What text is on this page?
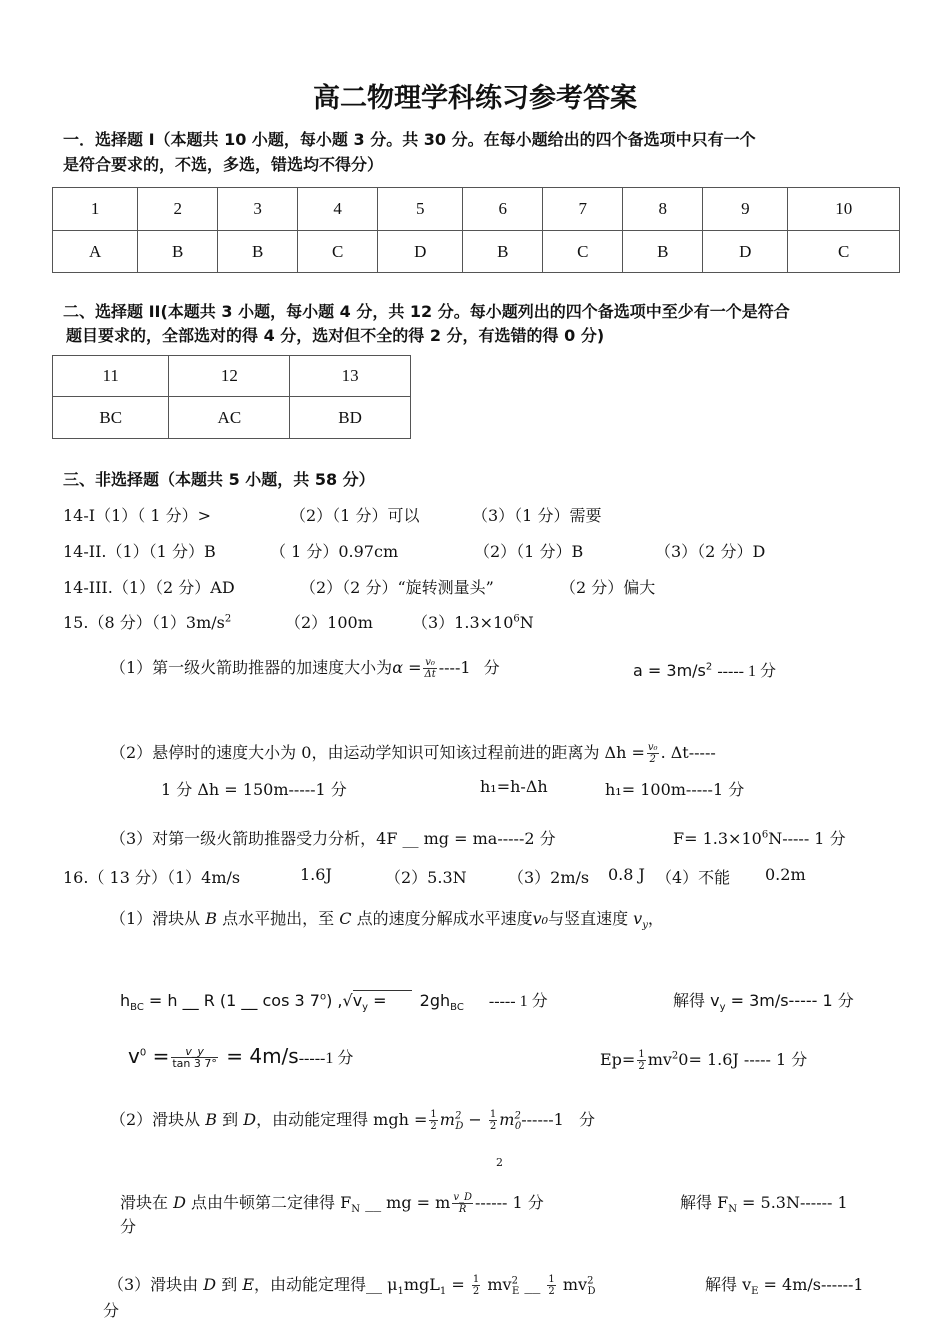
高二物理学科练习参考答案
一．选择题 I（本题共 10 小题，每小题 3 分。共 30 分。在每小题给出的四个备选项中只有一个
是符合要求的，不选，多选，错选均不得分）
1	2	3	4	5	6	7	8	9	10
A	B	B	C	D	B	C	B	D	C
二、选择题 II(本题共 3 小题，每小题 4 分，共 12 分。每小题列出的四个备选项中至少有一个是符合
题目要求的，全部选对的得 4 分，选对但不全的得 2 分，有选错的得 0 分)
11	12	13
BC	AC	BD
三、非选择题（本题共 5 小题，共 58 分）
14-I（1）（ 1 分）>	（2）（1 分）可以	（3）（1 分）需要
14-II.（1）（1 分）B	（ 1 分）0.97cm	（2）（1 分）B	（3）（2 分）D
14-III.（1）（2 分）AD	（2）（2 分）“旋转测量头”	（2 分）偏大
15.（8 分）$(1)3m/s^2$	（2）100m $(3)1.3\times 10^6N$
（1）第一级火箭助推器的加速度大小为$\alpha = \frac{\text{v₀}}{\Delta t} ----1$ 分	$a = 3m/s^2$ ----- 1 分
（2）悬停时的速度大小为 0，由运动学知识可知该过程前进的距离为 $\Delta h = \frac{\text{v₀}}{2}$ . Δt-----
1 分 Δh = 150m-----1 分	h₁=h-Δh	h₁= 100m-----1 分
（3）对第一级火箭助推器受力分析，4F __ mg = ma-----2 分	$F= 1.3\times 10^6N-----$ 1 分
16.（ 13 分）（1）4m/s	1.6J	（2）5.3N	（3）2m/s 0.8 J （4）不能 0.2m
（1）滑块从 B 点水平抛出，至 C 点的速度分解成水平速度v₀与竖直速度 $v_y$，
$h_{BC} = h$ __ R (1 __ cos 3 7$^o$) $,√v_y = 2gh_{BC}$ ----- 1 分	解得 $v_y = 3m/s-----$ 1 分
$v^0 = \frac{v\_y}{\tan 3 7^\circ} = 4m/s-----1$ 分	$Ep= \frac{1}{2} mv^20= 1.6J$ ----- 1 分
（2）滑块从 B 到 D，由动能定理得 mgh = $\frac{1}{2} m^2_D - \frac{1}{2} m^2_0------1$ 分
2
滑块在 D 点由牛顿第二定律得 $F_N$ __ mg = m $\frac{v\_D}{R}$ ------ 1 分	解得 $F_N = 5.3N------$ 1
分
（3）滑块由 D 到 E，由动能定理得__ $\mu_1mgL_1 = \frac{1}{2} mv^2_E$ __ $\frac{1}{2} mv^2_D$	解得 $v_E = 4m/s------1$
分
